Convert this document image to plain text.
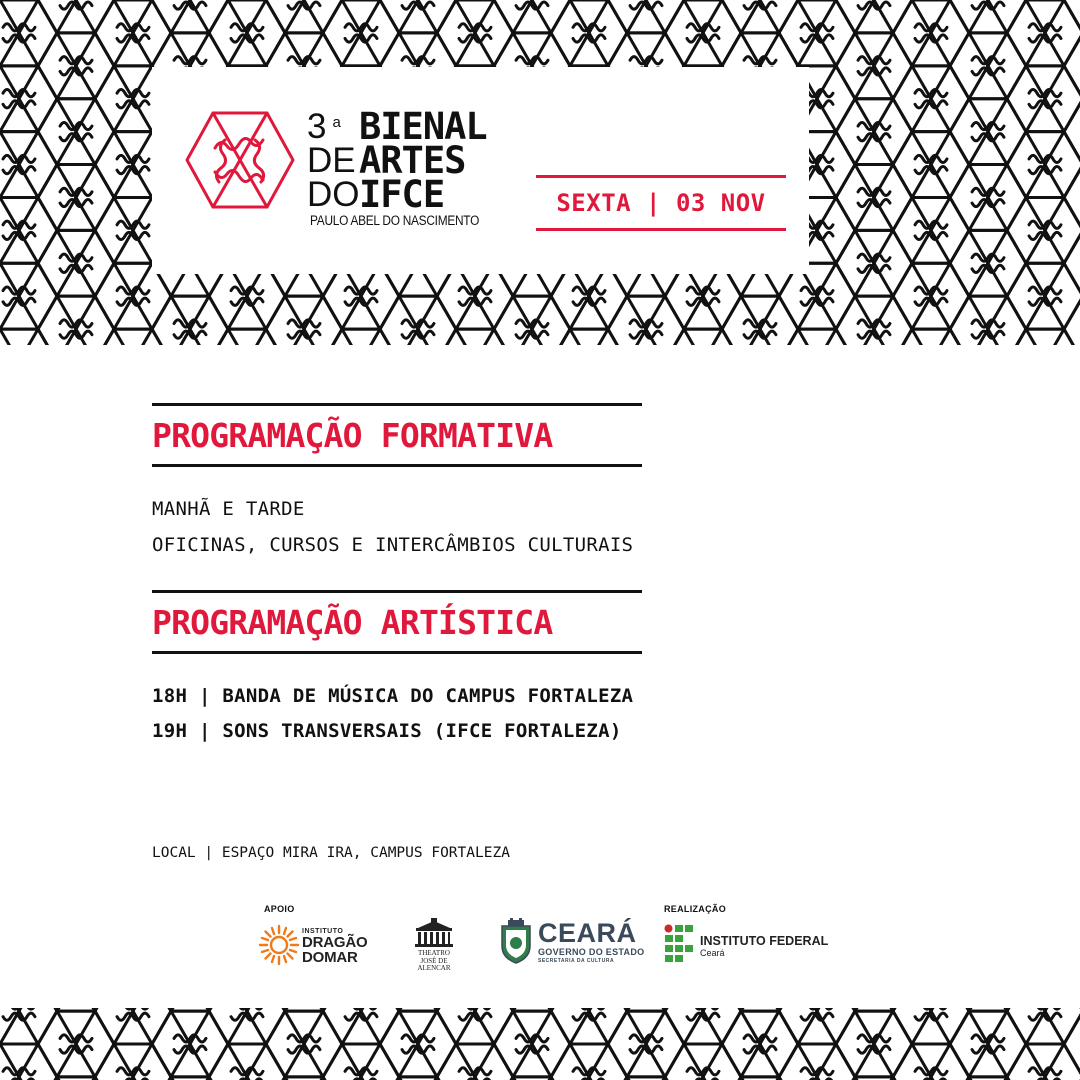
3 a BIENAL
DE ARTES
DO IFCE
PAULO ABEL DO NASCIMENTO
SEXTA | 03 NOV
PROGRAMAÇÃO FORMATIVA
MANHÃ E TARDE
OFICINAS, CURSOS E INTERCÂMBIOS CULTURAIS
PROGRAMAÇÃO ARTÍSTICA
18H | BANDA DE MÚSICA DO CAMPUS FORTALEZA
19H | SONS TRANSVERSAIS (IFCE FORTALEZA)
LOCAL | ESPAÇO MIRA IRA, CAMPUS FORTALEZA
APOIO	REALIZAÇÃO
INSTITUTO
DRAGÃO
DOMAR	THEATRO
JOSÉ DE ALENCAR
CEARÁ
GOVERNO DO ESTADO
SECRETARIA DA CULTURA
INSTITUTO FEDERAL
Ceará
